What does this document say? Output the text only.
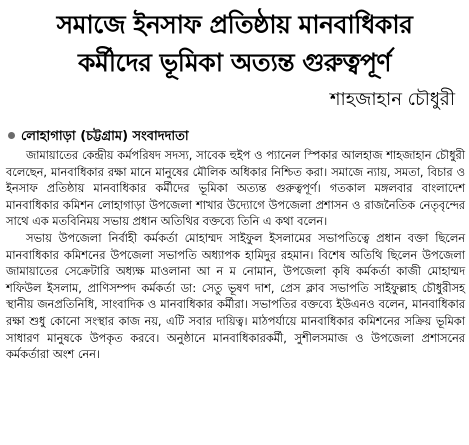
সমাজে ইনসাফ প্রতিষ্ঠায় মানবাধিকার
কর্মীদের ভূমিকা অত্যন্ত গুরুত্বপূর্ণ
শাহজাহান চৌধুরী
লোহাগাড়া (চট্টগ্রাম) সংবাদদাতা

জামায়াতের কেন্দ্রীয় কর্মপরিষদ সদস্য, সাবেক হুইপ ও প্যানেল স্পিকার আলহাজ শাহজাহান চৌধুরী বলেছেন, মানবাধিকার রক্ষা মানে মানুষের মৌলিক অধিকার নিশ্চিত করা। সমাজে ন্যায়, সমতা, বিচার ও ইনসাফ প্রতিষ্ঠায় মানবাধিকার কর্মীদের ভূমিকা অত্যন্ত গুরুত্বপূর্ণ। গতকাল মঙ্গলবার বাংলাদেশ মানবাধিকার কমিশন লোহাগাড়া উপজেলা শাখার উদ্যোগে উপজেলা প্রশাসন ও রাজনৈতিক নেতৃবৃন্দের সাথে এক মতবিনিময় সভায় প্রধান অতিথির বক্তব্যে তিনি এ কথা বলেন।

সভায় উপজেলা নির্বাহী কর্মকর্তা মোহাম্মদ সাইফুল ইসলামের সভাপতিত্বে প্রধান বক্তা ছিলেন মানবাধিকার কমিশনের উপজেলা সভাপতি অধ্যাপক হামিদুর রহমান। বিশেষ অতিথি ছিলেন উপজেলা জামায়াতের সেক্রেটারি অধ্যক্ষ মাওলানা আ ন ম নোমান, উপজেলা কৃষি কর্মকর্তা কাজী মোহাম্মদ শফিউল ইসলাম, প্রাণিসম্পদ কর্মকর্তা ডা: সেতু ভূষণ দাশ, প্রেস ক্লাব সভাপতি সাইফুল্লাহ চৌধুরীসহ স্থানীয় জনপ্রতিনিধি, সাংবাদিক ও মানবাধিকার কর্মীরা। সভাপতির বক্তব্যে ইউএনও বলেন, মানবাধিকার রক্ষা শুধু কোনো সংস্থার কাজ নয়, এটি সবার দায়িত্ব। মাঠপর্যায়ে মানবাধিকার কমিশনের সক্রিয় ভূমিকা সাধারণ মানুষকে উপকৃত করবে। অনুষ্ঠানে মানবাধিকারকর্মী, সুশীলসমাজ ও উপজেলা প্রশাসনের কর্মকর্তারা অংশ নেন।
